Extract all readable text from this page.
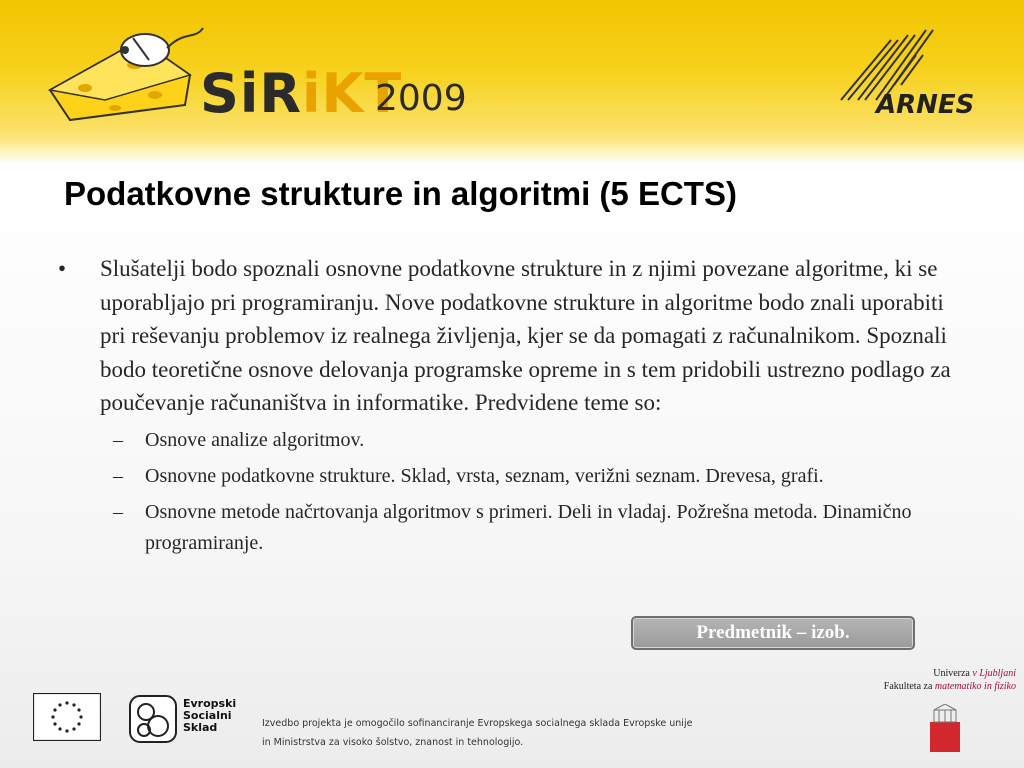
SiRiKT
2009	ARNES
Podatkovne strukture in algoritmi (5 ECTS)
• Slušatelji bodo spoznali osnovne podatkovne strukture in z njimi povezane algoritme, ki se uporabljajo pri programiranju. Nove podatkovne strukture in algoritme bodo znali uporabiti pri reševanju problemov iz realnega življenja, kjer se da pomagati z računalnikom. Spoznali bodo teoretične osnove delovanja programske opreme in s tem pridobili ustrezno podlago za poučevanje računaništva in informatike. Predvidene teme so:
– Osnove analize algoritmov.
– Osnovne podatkovne strukture. Sklad, vrsta, seznam, verižni seznam. Drevesa, grafi.
– Osnovne metode načrtovanja algoritmov s primeri. Deli in vladaj. Požrešna metoda. Dinamično programiranje.
Predmetnik – izob.
Univerza v Ljubljani
Fakulteta za matematiko in fiziko
Evropski
Socialni
Sklad	Izvedbo projekta je omogočilo sofinanciranje Evropskega socialnega sklada Evropske unije
in Ministrstva za visoko šolstvo, znanost in tehnologijo.
